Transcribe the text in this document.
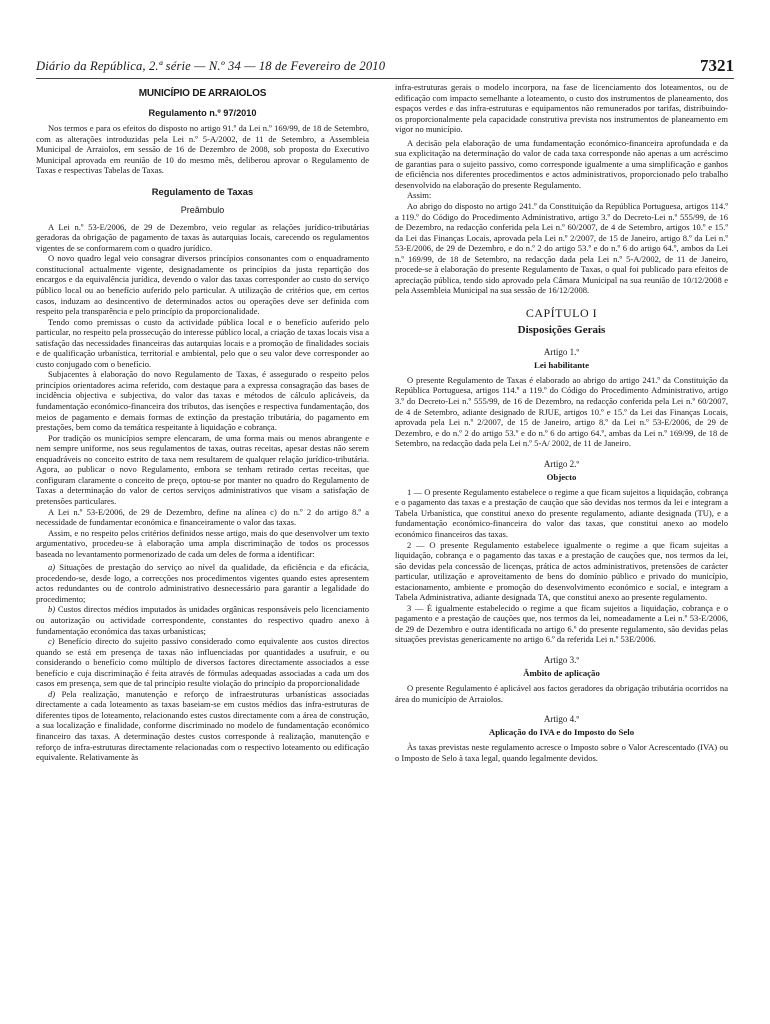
Diário da República, 2.ª série — N.º 34 — 18 de Fevereiro de 2010	7321

MUNICÍPIO DE ARRAIOLOS

Regulamento n.º 97/2010

Nos termos e para os efeitos do disposto no artigo 91.º da Lei n.º 169/99, de 18 de Setembro, com as alterações introduzidas pela Lei n.º 5-A/2002, de 11 de Setembro, a Assembleia Municipal de Arraiolos, em sessão de 16 de Dezembro de 2008, sob proposta do Executivo Municipal aprovada em reunião de 10 do mesmo mês, deliberou aprovar o Regulamento de Taxas e respectivas Tabelas de Taxas.

Regulamento de Taxas

Preâmbulo

A Lei n.º 53-E/2006, de 29 de Dezembro, veio regular as relações jurídico-tributárias geradoras da obrigação de pagamento de taxas às autarquias locais, carecendo os regulamentos vigentes de se conformarem com o quadro jurídico.

O novo quadro legal veio consagrar diversos princípios consonantes com o enquadramento constitucional actualmente vigente, designadamente os princípios da justa repartição dos encargos e da equivalência jurídica, devendo o valor das taxas corresponder ao custo do serviço público local ou ao benefício auferido pelo particular. A utilização de critérios que, em certos casos, induzam ao desincentivo de determinados actos ou operações deve ser definida com respeito pela transparência e pelo princípio da proporcionalidade.

Tendo como premissas o custo da actividade pública local e o benefício auferido pelo particular, no respeito pela prossecução do interesse público local, a criação de taxas locais visa a satisfação das necessidades financeiras das autarquias locais e a promoção de finalidades sociais e de qualificação urbanística, territorial e ambiental, pelo que o seu valor deve corresponder ao custo conjugado com o benefício.

Subjacentes à elaboração do novo Regulamento de Taxas, é assegurado o respeito pelos princípios orientadores acima referido, com destaque para a expressa consagração das bases de incidência objectiva e subjectiva, do valor das taxas e métodos de cálculo aplicáveis, da fundamentação económico-financeira dos tributos, das isenções e respectiva fundamentação, dos meios de pagamento e demais formas de extinção da prestação tributária, do pagamento em prestações, bem como da temática respeitante à liquidação e cobrança.

Por tradição os municípios sempre elencaram, de uma forma mais ou menos abrangente e nem sempre uniforme, nos seus regulamentos de taxas, outras receitas, apesar destas não serem enquadráveis no conceito estrito de taxa nem resultarem de qualquer relação jurídico-tributária. Agora, ao publicar o novo Regulamento, embora se tenham retirado certas receitas, que configuram claramente o conceito de preço, optou-se por manter no quadro do Regulamento de Taxas a determinação do valor de certos serviços administrativos que visam a satisfação de pretensões particulares.

A Lei n.º 53-E/2006, de 29 de Dezembro, define na alínea c) do n.º 2 do artigo 8.º a necessidade de fundamentar económica e financeiramente o valor das taxas.

Assim, e no respeito pelos critérios definidos nesse artigo, mais do que desenvolver um texto argumentativo, procedeu-se à elaboração uma ampla discriminação de todos os processos baseada no levantamento pormenorizado de cada um deles de forma a identificar:

a) Situações de prestação do serviço ao nível da qualidade, da eficiência e da eficácia, procedendo-se, desde logo, a correcções nos procedimentos vigentes quando estes apresentem actos redundantes ou de controlo administrativo desnecessário para garantir a legalidade do procedimento;

b) Custos directos médios imputados às unidades orgânicas responsáveis pelo licenciamento ou autorização ou actividade correspondente, constantes do respectivo quadro anexo à fundamentação económica das taxas urbanísticas;

c) Benefício directo do sujeito passivo considerado como equivalente aos custos directos quando se está em presença de taxas não influenciadas por quantidades a usufruir, e ou considerando o benefício como múltiplo de diversos factores directamente associados a esse benefício e cuja discriminação é feita através de fórmulas adequadas associadas a cada um dos casos em presença, sem que de tal princípio resulte violação do princípio da proporcionalidade

d) Pela realização, manutenção e reforço de infraestruturas urbanísticas associadas directamente a cada loteamento as taxas baseiam-se em custos médios das infra-estruturas de diferentes tipos de loteamento, relacionando estes custos directamente com a área de construção, a sua localização e finalidade, conforme discriminado no modelo de fundamentação económico financeiro das taxas. A determinação destes custos corresponde à realização, manutenção e reforço de infra-estruturas directamente relacionadas com o respectivo loteamento ou edificação equivalente. Relativamente às

infra-estruturas gerais o modelo incorpora, na fase de licenciamento dos loteamentos, ou de edificação com impacto semelhante a loteamento, o custo dos instrumentos de planeamento, dos espaços verdes e das infra-estruturas e equipamentos não remunerados por tarifas, distribuindo-os proporcionalmente pela capacidade construtiva prevista nos instrumentos de planeamento em vigor no município.

A decisão pela elaboração de uma fundamentação económico-financeira aprofundada e da sua explicitação na determinação do valor de cada taxa corresponde não apenas a um acréscimo de garantias para o sujeito passivo, como corresponde igualmente a uma simplificação e ganhos de eficiência nos diferentes procedimentos e actos administrativos, proporcionado pelo trabalho desenvolvido na elaboração do presente Regulamento.

Assim:

Ao abrigo do disposto no artigo 241.º da Constituição da República Portuguesa, artigos 114.º a 119.º do Código do Procedimento Administrativo, artigo 3.º do Decreto-Lei n.º 555/99, de 16 de Dezembro, na redacção conferida pela Lei n.º 60/2007, de 4 de Setembro, artigos 10.º e 15.º da Lei das Finanças Locais, aprovada pela Lei n.º 2/2007, de 15 de Janeiro, artigo 8.º da Lei n.º 53-E/2006, de 29 de Dezembro, e do n.º 2 do artigo 53.º e do n.º 6 do artigo 64.º, ambos da Lei n.º 169/99, de 18 de Setembro, na redacção dada pela Lei n.º 5-A/2002, de 11 de Janeiro, procede-se à elaboração do presente Regulamento de Taxas, o qual foi publicado para efeitos de apreciação pública, tendo sido aprovado pela Câmara Municipal na sua reunião de 10/12/2008 e pela Assembleia Municipal na sua sessão de 16/12/2008.

CAPÍTULO I

Disposições Gerais

Artigo 1.º

Lei habilitante

O presente Regulamento de Taxas é elaborado ao abrigo do artigo 241.º da Constituição da República Portuguesa, artigos 114.º a 119.º do Código do Procedimento Administrativo, artigo 3.º do Decreto-Lei n.º 555/99, de 16 de Dezembro, na redacção conferida pela Lei n.º 60/2007, de 4 de Setembro, adiante designado de RJUE, artigos 10.º e 15.º da Lei das Finanças Locais, aprovada pela Lei n.º 2/2007, de 15 de Janeiro, artigo 8.º da Lei n.º 53-E/2006, de 29 de Dezembro, e do n.º 2 do artigo 53.º e do n.º 6 do artigo 64.º, ambas da Lei n.º 169/99, de 18 de Setembro, na redacção dada pela Lei n.º 5-A/ 2002, de 11 de Janeiro.

Artigo 2.º

Objecto

1 — O presente Regulamento estabelece o regime a que ficam sujeitos a liquidação, cobrança e o pagamento das taxas e a prestação de caução que são devidas nos termos da lei e integram a Tabela Urbanística, que constitui anexo do presente regulamento, adiante designada (TU), e a fundamentação económico-financeira do valor das taxas, que constitui anexo ao modelo económico financeiros das taxas.

2 — O presente Regulamento estabelece igualmente o regime a que ficam sujeitas a liquidação, cobrança e o pagamento das taxas e a prestação de cauções que, nos termos da lei, são devidas pela concessão de licenças, prática de actos administrativos, pretensões de carácter particular, utilização e aproveitamento de bens do domínio público e privado do município, estacionamento, ambiente e promoção do desenvolvimento económico e social, e integram a Tabela Administrativa, adiante designada TA, que constitui anexo ao presente regulamento.

3 — É igualmente estabelecido o regime a que ficam sujeitos a liquidação, cobrança e o pagamento e a prestação de cauções que, nos termos da lei, nomeadamente a Lei n.º 53-E/2006, de 29 de Dezembro e outra identificada no artigo 6.º do presente regulamento, são devidas pelas situações previstas genericamente no artigo 6.º da referida Lei n.º 53E/2006.

Artigo 3.º

Âmbito de aplicação

O presente Regulamento é aplicável aos factos geradores da obrigação tributária ocorridos na área do município de Arraiolos.

Artigo 4.º

Aplicação do IVA e do Imposto do Selo

Às taxas previstas neste regulamento acresce o Imposto sobre o Valor Acrescentado (IVA) ou o Imposto de Selo à taxa legal, quando legalmente devidos.
